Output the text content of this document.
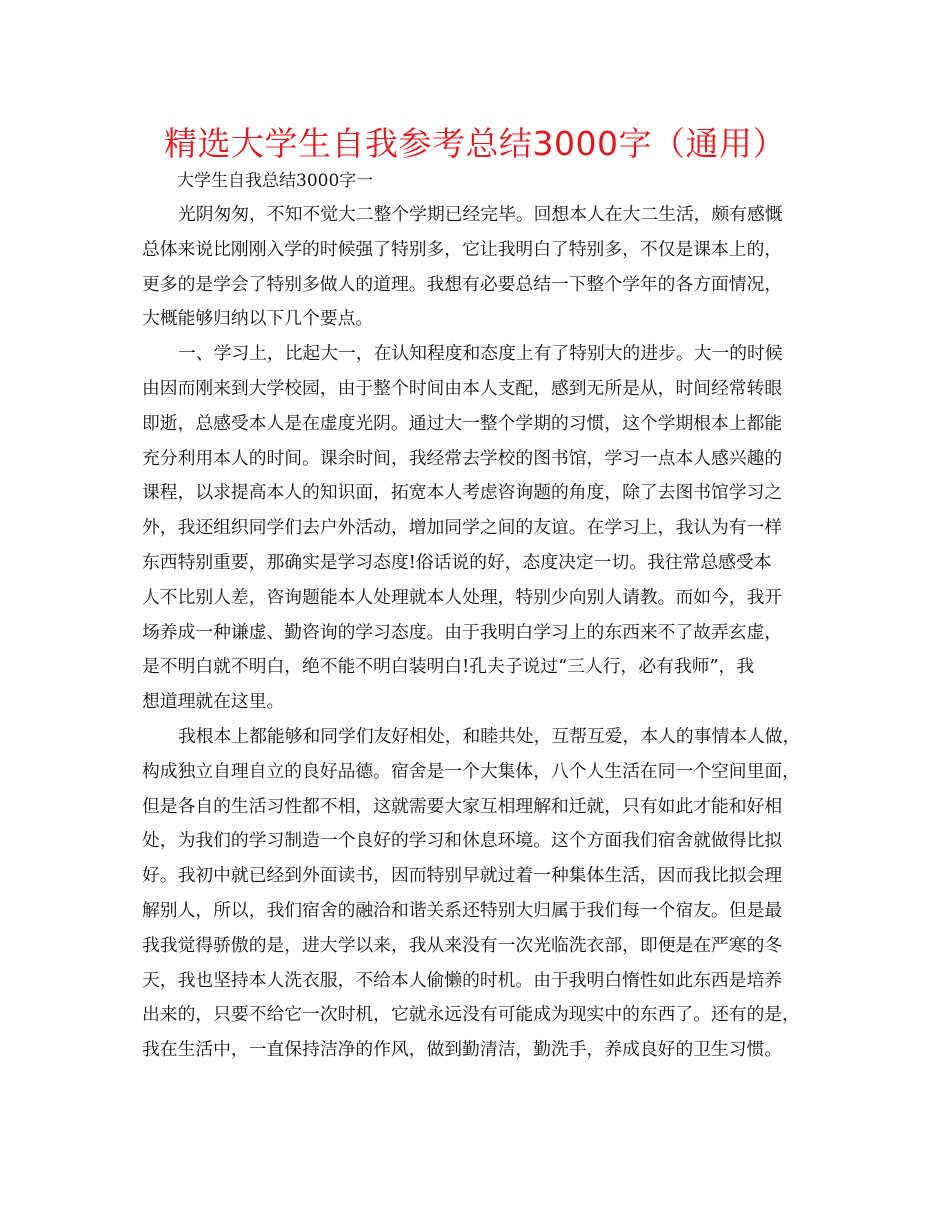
精选大学生自我参考总结3000字（通用）
大学生自我总结3000字一
光阴匆匆，不知不觉大二整个学期已经完毕。回想本人在大二生活，颇有感慨
总体来说比刚刚入学的时候强了特别多，它让我明白了特别多，不仅是课本上的，
更多的是学会了特别多做人的道理。我想有必要总结一下整个学年的各方面情况，
大概能够归纳以下几个要点。
一、学习上，比起大一，在认知程度和态度上有了特别大的进步。大一的时候
由因而刚来到大学校园，由于整个时间由本人支配，感到无所是从，时间经常转眼
即逝，总感受本人是在虚度光阴。通过大一整个学期的习惯，这个学期根本上都能
充分利用本人的时间。课余时间，我经常去学校的图书馆，学习一点本人感兴趣的
课程，以求提高本人的知识面，拓宽本人考虑咨询题的角度，除了去图书馆学习之
外，我还组织同学们去户外活动，增加同学之间的友谊。在学习上，我认为有一样
东西特别重要，那确实是学习态度!俗话说的好，态度决定一切。我往常总感受本
人不比别人差，咨询题能本人处理就本人处理，特别少向别人请教。而如今，我开
场养成一种谦虚、勤咨询的学习态度。由于我明白学习上的东西来不了故弄玄虚，
是不明白就不明白，绝不能不明白装明白!孔夫子说过“三人行，必有我师”，我
想道理就在这里。
我根本上都能够和同学们友好相处，和睦共处，互帮互爱，本人的事情本人做，
构成独立自理自立的良好品德。宿舍是一个大集体，八个人生活在同一个空间里面，
但是各自的生活习性都不相，这就需要大家互相理解和迁就，只有如此才能和好相
处，为我们的学习制造一个良好的学习和休息环境。这个方面我们宿舍就做得比拟
好。我初中就已经到外面读书，因而特别早就过着一种集体生活，因而我比拟会理
解别人，所以，我们宿舍的融洽和谐关系还特别大归属于我们每一个宿友。但是最
我我觉得骄傲的是，进大学以来，我从来没有一次光临洗衣部，即便是在严寒的冬
天，我也坚持本人洗衣服，不给本人偷懒的时机。由于我明白惰性如此东西是培养
出来的，只要不给它一次时机，它就永远没有可能成为现实中的东西了。还有的是，
我在生活中，一直保持洁净的作风，做到勤清洁，勤洗手，养成良好的卫生习惯。
